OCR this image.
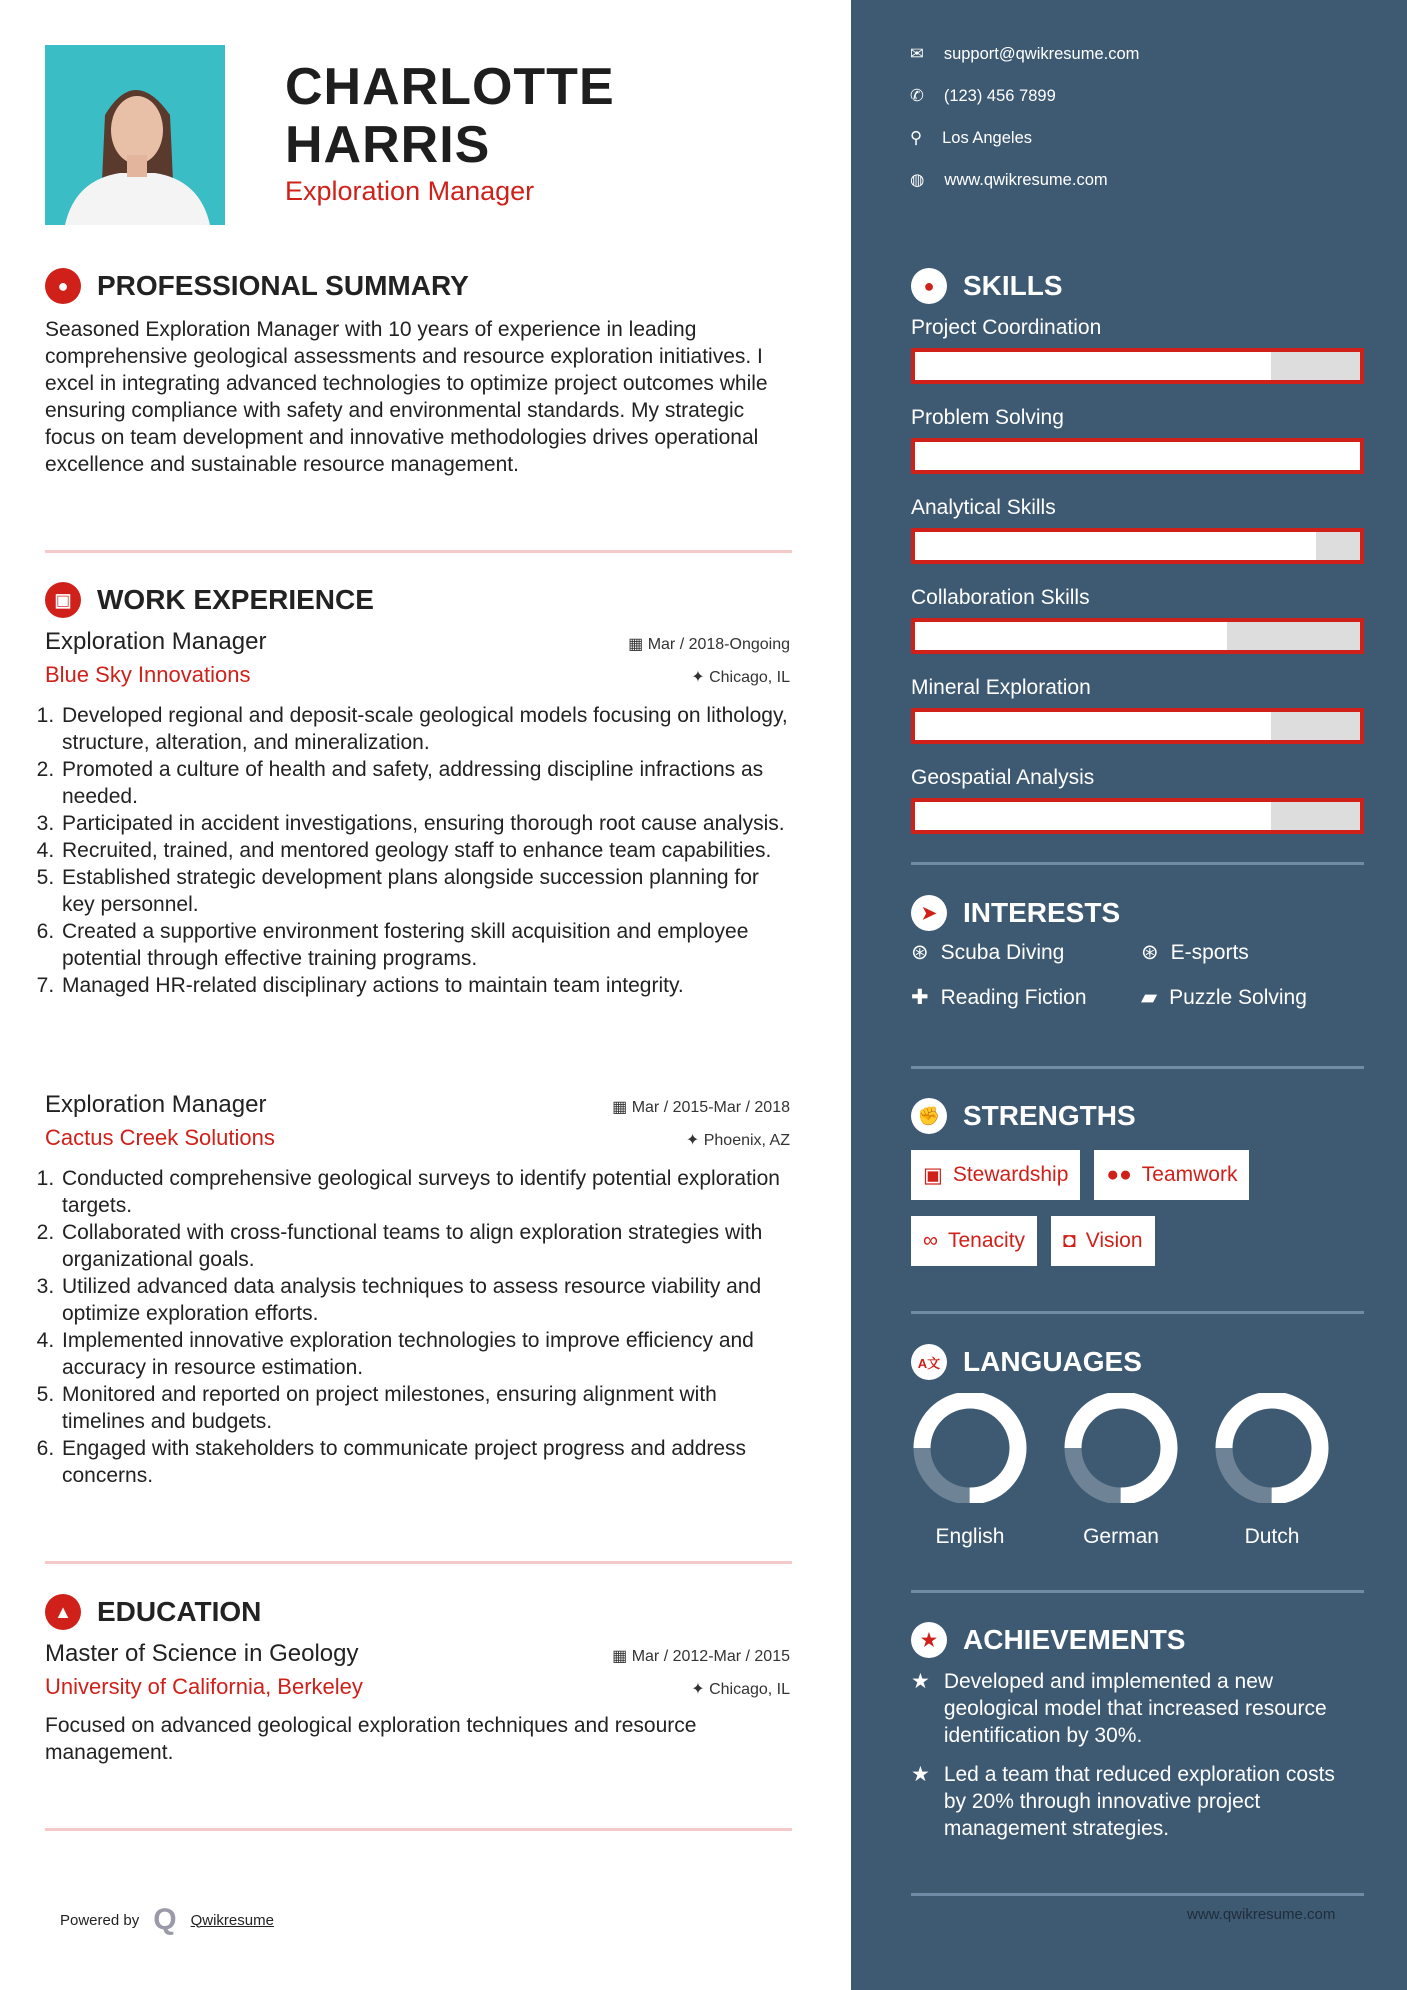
CHARLOTTE
HARRIS
Exploration Manager
●	PROFESSIONAL SUMMARY

Seasoned Exploration Manager with 10 years of experience in leading comprehensive geological assessments and resource exploration initiatives. I excel in integrating advanced technologies to optimize project outcomes while ensuring compliance with safety and environmental standards. My strategic focus on team development and innovative methodologies drives operational excellence and sustainable resource management.

▣ WORK EXPERIENCE
Exploration Manager	▦ Mar / 2018-Ongoing
Blue Sky Innovations	✦ Chicago, IL
1. Developed regional and deposit-scale geological models focusing on lithology, structure, alteration, and mineralization.
2. Promoted a culture of health and safety, addressing discipline infractions as needed.
3. Participated in accident investigations, ensuring thorough root cause analysis.
4. Recruited, trained, and mentored geology staff to enhance team capabilities.
5. Established strategic development plans alongside succession planning for key personnel.
6. Created a supportive environment fostering skill acquisition and employee potential through effective training programs.
7. Managed HR-related disciplinary actions to maintain team integrity.
Exploration Manager	▦ Mar / 2015-Mar / 2018
Cactus Creek Solutions	✦ Phoenix, AZ
1. Conducted comprehensive geological surveys to identify potential exploration targets.
2. Collaborated with cross-functional teams to align exploration strategies with organizational goals.
3. Utilized advanced data analysis techniques to assess resource viability and optimize exploration efforts.
4. Implemented innovative exploration technologies to improve efficiency and accuracy in resource estimation.
5. Monitored and reported on project milestones, ensuring alignment with timelines and budgets.
6. Engaged with stakeholders to communicate project progress and address concerns.
▲ EDUCATION
Master of Science in Geology	▦ Mar / 2012-Mar / 2015
University of California, Berkeley	✦ Chicago, IL

Focused on advanced geological exploration techniques and resource management.

Powered by Q Qwikresume
✉ support@qwikresume.com
✆ (123) 456 7899
⚲ Los Angeles
◍ www.qwikresume.com
●	SKILLS
Project Coordination
Problem Solving
Analytical Skills
Collaboration Skills
Mineral Exploration
Geospatial Analysis
➤ INTERESTS
⊛ Scuba Diving	⊛ E-sports
✚ Reading Fiction	▰ Puzzle Solving
✊ STRENGTHS
▣ Stewardship ●● Teamwork
∞ Tenacity ◘ Vision
A文 LANGUAGES
English	German	Dutch
★ ACHIEVEMENTS
★ Developed and implemented a new geological model that increased resource identification by 30%.
★ Led a team that reduced exploration costs by 20% through innovative project management strategies.
www.qwikresume.com
